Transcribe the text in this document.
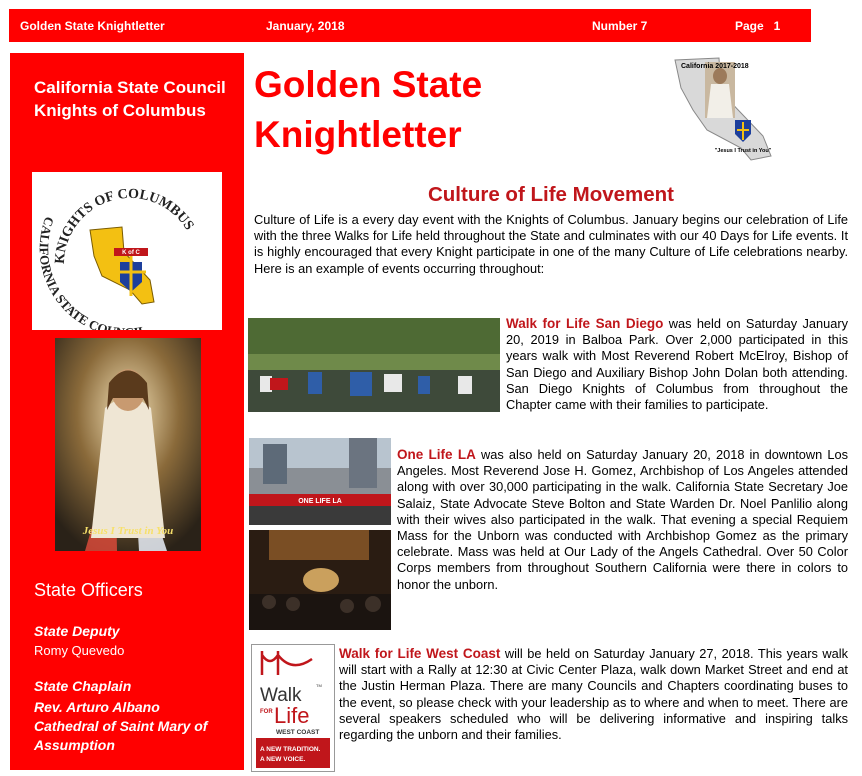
Golden State Knightletter	January, 2018	Number 7	Page   1
California State Council Knights of Columbus
KNIGHTS OF COLUMBUS
CALIFORNIA STATE CO
K of C
Jesus I Trust in You
State Officers
State Deputy
Romy Quevedo
State Chaplain
Rev. Arturo Albano Cathedral of Saint Mary of Assumption
Golden State Knightletter
California 2017-2018
"Jesus I Trust in You"
Culture of Life Movement

Culture of Life is a every day event with the Knights of Columbus. January begins our celebration of Life with the three Walks for Life held throughout the State and culminates with our 40 Days for Life events. It is highly encouraged that every Knight participate in one of the many Culture of Life celebrations nearby. Here is an example of events occurring throughout:

Walk for Life San Diego was held on Saturday January 20, 2019 in Balboa Park. Over 2,000 participated in this years walk with Most Reverend Robert McElroy, Bishop of San Diego and Auxiliary Bishop John Dolan both attending. San Diego Knights of Columbus from throughout the Chapter came with their families to participate.

ONE LIFE LA

One Life LA was also held on Saturday January 20, 2018 in downtown Los Angeles. Most Reverend Jose H. Gomez, Archbishop of Los Angeles attended along with over 30,000 participating in the walk. California State Secretary Joe Salaiz, State Advocate Steve Bolton and State Warden Dr. Noel Panlilio along with their wives also participated in the walk. That evening a special Requiem Mass for the Unborn was conducted with Archbishop Gomez as the primary celebrate. Mass was held at Our Lady of the Angels Cathedral. Over 50 Color Corps members from throughout Southern California were there in colors to honor the unborn.

Walk	TM
FOR Life
WEST COAST
A NEW TRADITION.
A NEW VOICE.

Walk for Life West Coast will be held on Saturday January 27, 2018. This years walk will start with a Rally at 12:30 at Civic Center Plaza, walk down Market Street and end at the Justin Herman Plaza. There are many Councils and Chapters coordinating buses to the event, so please check with your leadership as to where and when to meet. There are several speakers scheduled who will be delivering informative and inspiring talks regarding the unborn and their families.
